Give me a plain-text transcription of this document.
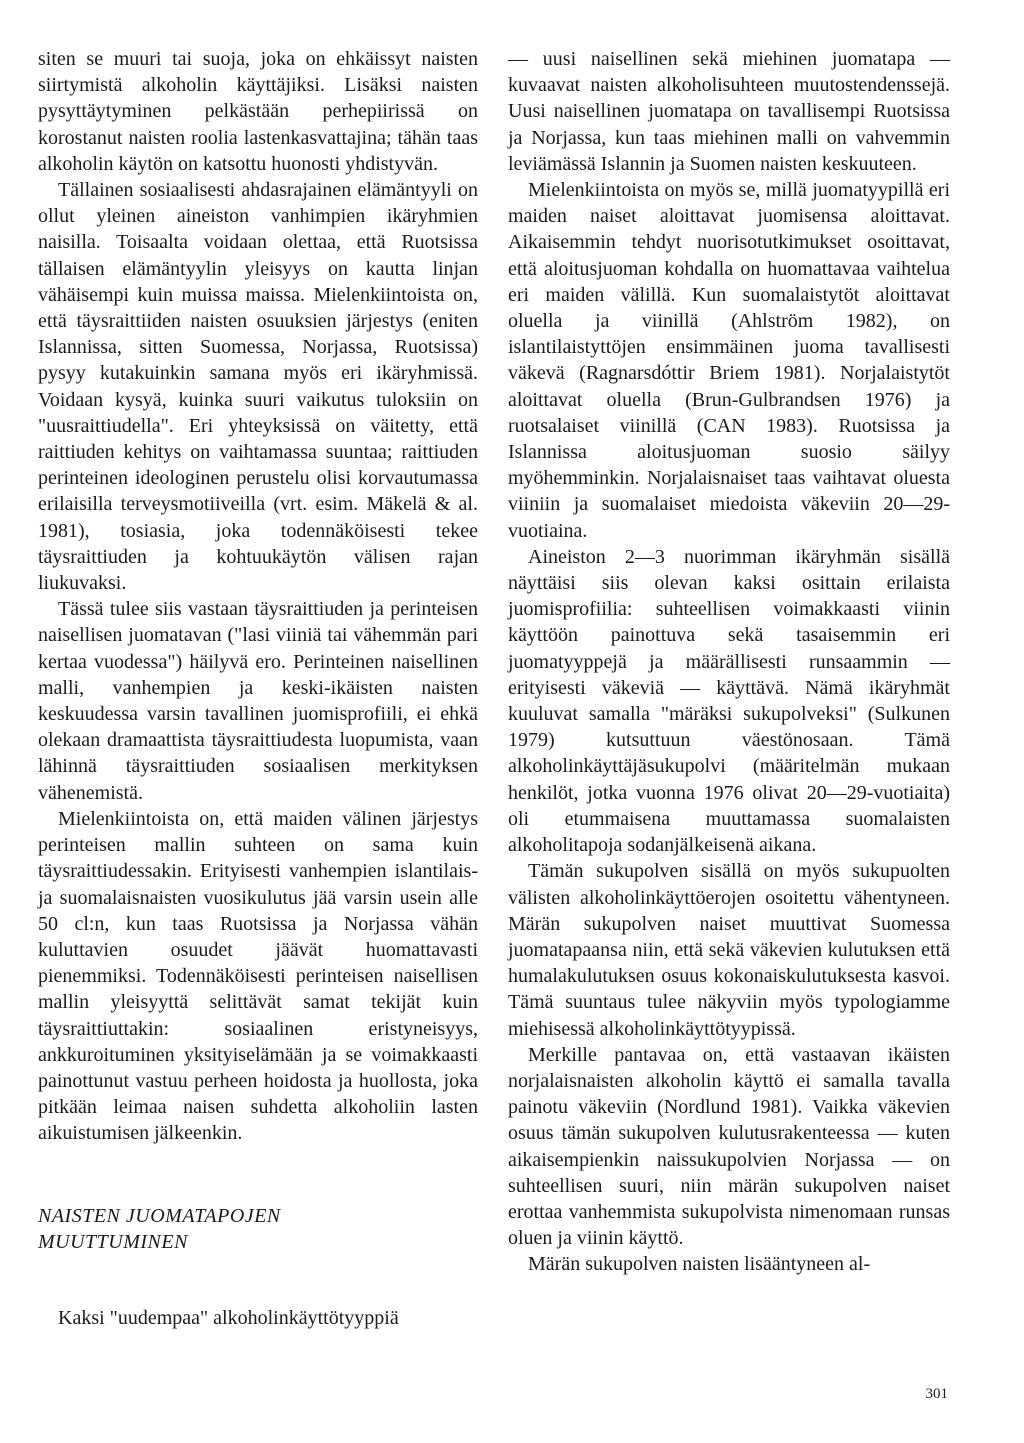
siten se muuri tai suoja, joka on ehkäissyt naisten siirtymistä alkoholin käyttäjiksi. Lisäksi naisten pysyttäytyminen pelkästään perhepiirissä on korostanut naisten roolia lastenkasvattajina; tähän taas alkoholin käytön on katsottu huonosti yhdistyvän.

Tällainen sosiaalisesti ahdasrajainen elämäntyyli on ollut yleinen aineiston vanhimpien ikäryhmien naisilla. Toisaalta voidaan olettaa, että Ruotsissa tällaisen elämäntyylin yleisyys on kautta linjan vähäisempi kuin muissa maissa. Mielenkiintoista on, että täysraittiiden naisten osuuksien järjestys (eniten Islannissa, sitten Suomessa, Norjassa, Ruotsissa) pysyy kutakuinkin samana myös eri ikäryhmissä. Voidaan kysyä, kuinka suuri vaikutus tuloksiin on "uusraittiudella". Eri yhteyksissä on väitetty, että raittiuden kehitys on vaihtamassa suuntaa; raittiuden perinteinen ideologinen perustelu olisi korvautumassa erilaisilla terveysmotiiveilla (vrt. esim. Mäkelä & al. 1981), tosiasia, joka todennäköisesti tekee täysraittiuden ja kohtuukäytön välisen rajan liukuvaksi.

Tässä tulee siis vastaan täysraittiuden ja perinteisen naisellisen juomatavan ("lasi viiniä tai vähemmän pari kertaa vuodessa") häilyvä ero. Perinteinen naisellinen malli, vanhempien ja keski-ikäisten naisten keskuudessa varsin tavallinen juomisprofiili, ei ehkä olekaan dramaattista täysraittiudesta luopumista, vaan lähinnä täysraittiuden sosiaalisen merkityksen vähenemistä.

Mielenkiintoista on, että maiden välinen järjestys perinteisen mallin suhteen on sama kuin täysraittiudessakin. Erityisesti vanhempien islantilais- ja suomalaisnaisten vuosikulutus jää varsin usein alle 50 cl:n, kun taas Ruotsissa ja Norjassa vähän kuluttavien osuudet jäävät huomattavasti pienemmiksi. Todennäköisesti perinteisen naisellisen mallin yleisyyttä selittävät samat tekijät kuin täysraittiuttakin: sosiaalinen eristyneisyys, ankkuroituminen yksityiselämään ja se voimakkaasti painottunut vastuu perheen hoidosta ja huollosta, joka pitkään leimaa naisen suhdetta alkoholiin lasten aikuistumisen jälkeenkin.

NAISTEN JUOMATAPOJEN
MUUTTUMINEN

Kaksi "uudempaa" alkoholinkäyttötyyppiä

— uusi naisellinen sekä miehinen juomatapa — kuvaavat naisten alkoholisuhteen muutostendenssejä. Uusi naisellinen juomatapa on tavallisempi Ruotsissa ja Norjassa, kun taas miehinen malli on vahvemmin leviämässä Islannin ja Suomen naisten keskuuteen.

Mielenkiintoista on myös se, millä juomatyypillä eri maiden naiset aloittavat juomisensa aloittavat. Aikaisemmin tehdyt nuorisotutkimukset osoittavat, että aloitusjuoman kohdalla on huomattavaa vaihtelua eri maiden välillä. Kun suomalaistytöt aloittavat oluella ja viinillä (Ahlström 1982), on islantilaistyttöjen ensimmäinen juoma tavallisesti väkevä (Ragnarsdóttir Briem 1981). Norjalaistytöt aloittavat oluella (Brun-Gulbrandsen 1976) ja ruotsalaiset viinillä (CAN 1983). Ruotsissa ja Islannissa aloitusjuoman suosio säilyy myöhemminkin. Norjalaisnaiset taas vaihtavat oluesta viiniin ja suomalaiset miedoista väkeviin 20—29-vuotiaina.

Aineiston 2—3 nuorimman ikäryhmän sisällä näyttäisi siis olevan kaksi osittain erilaista juomisprofiilia: suhteellisen voimakkaasti viinin käyttöön painottuva sekä tasaisemmin eri juomatyyppejä ja määrällisesti runsaammin — erityisesti väkeviä — käyttävä. Nämä ikäryhmät kuuluvat samalla "märäksi sukupolveksi" (Sulkunen 1979) kutsuttuun väestönosaan. Tämä alkoholinkäyttäjäsukupolvi (määritelmän mukaan henkilöt, jotka vuonna 1976 olivat 20—29-vuotiaita) oli etummaisena muuttamassa suomalaisten alkoholitapoja sodanjälkeisenä aikana.

Tämän sukupolven sisällä on myös sukupuolten välisten alkoholinkäyttöerojen osoitettu vähentyneen. Märän sukupolven naiset muuttivat Suomessa juomatapaansa niin, että sekä väkevien kulutuksen että humalakulutuksen osuus kokonaiskulutuksesta kasvoi. Tämä suuntaus tulee näkyviin myös typologiamme miehisessä alkoholinkäyttötyypissä.

Merkille pantavaa on, että vastaavan ikäisten norjalaisnaisten alkoholin käyttö ei samalla tavalla painotu väkeviin (Nordlund 1981). Vaikka väkevien osuus tämän sukupolven kulutusrakenteessa — kuten aikaisempienkin naissukupolvien Norjassa — on suhteellisen suuri, niin märän sukupolven naiset erottaa vanhemmista sukupolvista nimenomaan runsas oluen ja viinin käyttö.

Märän sukupolven naisten lisääntyneen al-

301
